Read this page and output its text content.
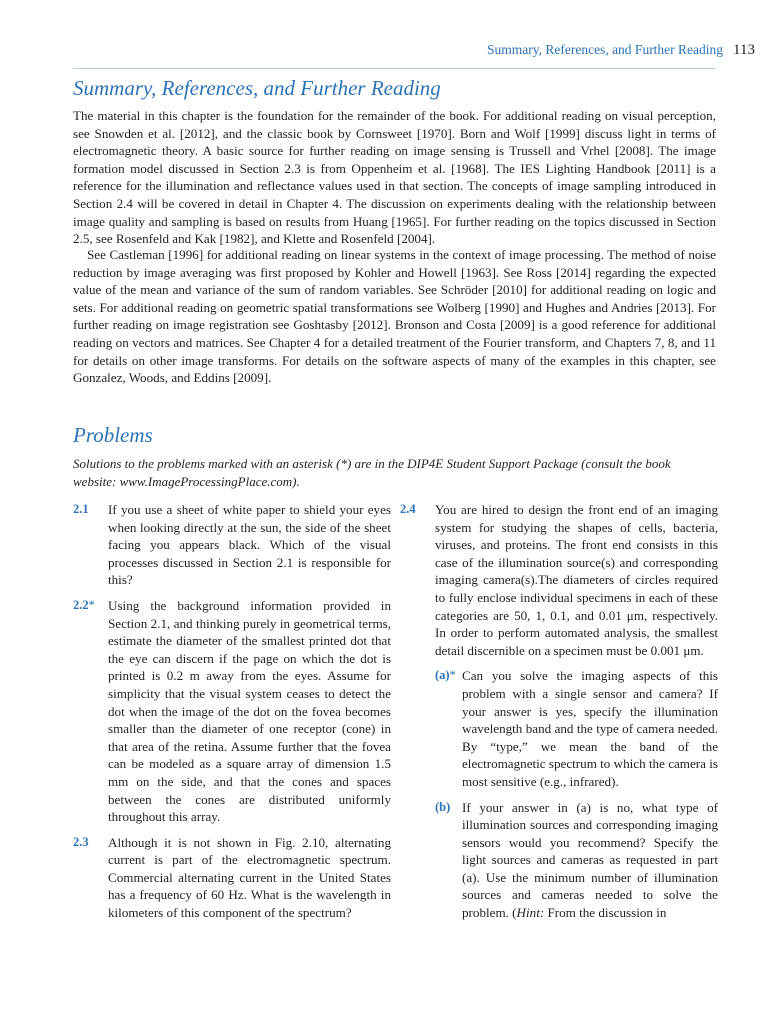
Summary, References, and Further Reading 113
Summary, References, and Further Reading

The material in this chapter is the foundation for the remainder of the book. For additional reading on visual perception, see Snowden et al. [2012], and the classic book by Cornsweet [1970]. Born and Wolf [1999] discuss light in terms of electromagnetic theory. A basic source for further reading on image sensing is Trussell and Vrhel [2008]. The image formation model discussed in Section 2.3 is from Oppenheim et al. [1968]. The IES Lighting Handbook [2011] is a reference for the illumination and reflectance values used in that section. The concepts of image sampling introduced in Section 2.4 will be covered in detail in Chapter 4. The discussion on experiments dealing with the relationship between image quality and sampling is based on results from Huang [1965]. For further reading on the topics discussed in Section 2.5, see Rosenfeld and Kak [1982], and Klette and Rosenfeld [2004].

See Castleman [1996] for additional reading on linear systems in the context of image processing. The method of noise reduction by image averaging was first proposed by Kohler and Howell [1963]. See Ross [2014] regarding the expected value of the mean and variance of the sum of random variables. See Schröder [2010] for additional reading on logic and sets. For additional reading on geometric spatial transformations see Wolberg [1990] and Hughes and Andries [2013]. For further reading on image registration see Goshtasby [2012]. Bronson and Costa [2009] is a good reference for additional reading on vectors and matrices. See Chapter 4 for a detailed treatment of the Fourier transform, and Chapters 7, 8, and 11 for details on other image transforms. For details on the software aspects of many of the examples in this chapter, see Gonzalez, Woods, and Eddins [2009].

Problems

Solutions to the problems marked with an asterisk (*) are in the DIP4E Student Support Package (consult the book website: www.ImageProcessingPlace.com).

2.1 If you use a sheet of white paper to shield your eyes when looking directly at the sun, the side of the sheet facing you appears black. Which of the visual processes discussed in Section 2.1 is responsible for this?
2.2* Using the background information provided in Section 2.1, and thinking purely in geometrical terms, estimate the diameter of the smallest printed dot that the eye can discern if the page on which the dot is printed is 0.2 m away from the eyes. Assume for simplicity that the visual system ceases to detect the dot when the image of the dot on the fovea becomes smaller than the diameter of one receptor (cone) in that area of the retina. Assume further that the fovea can be modeled as a square array of dimension 1.5 mm on the side, and that the cones and spaces between the cones are distributed uniformly throughout this array.
2.3 Although it is not shown in Fig. 2.10, alternating current is part of the electromagnetic spectrum. Commercial alternating current in the United States has a frequency of 60 Hz. What is the wavelength in kilometers of this component of the spectrum?
2.4 You are hired to design the front end of an imaging system for studying the shapes of cells, bacteria, viruses, and proteins. The front end consists in this case of the illumination source(s) and corresponding imaging camera(s).The diameters of circles required to fully enclose individual specimens in each of these categories are 50, 1, 0.1, and 0.01 μm, respectively. In order to perform automated analysis, the smallest detail discernible on a specimen must be 0.001 μm.
(a)* Can you solve the imaging aspects of this problem with a single sensor and camera? If your answer is yes, specify the illumination wavelength band and the type of camera needed. By “type,” we mean the band of the electromagnetic spectrum to which the camera is most sensitive (e.g., infrared).
(b) If your answer in (a) is no, what type of illumination sources and corresponding imaging sensors would you recommend? Specify the light sources and cameras as requested in part (a). Use the minimum number of illumination sources and cameras needed to solve the problem. (Hint: From the discussion in
